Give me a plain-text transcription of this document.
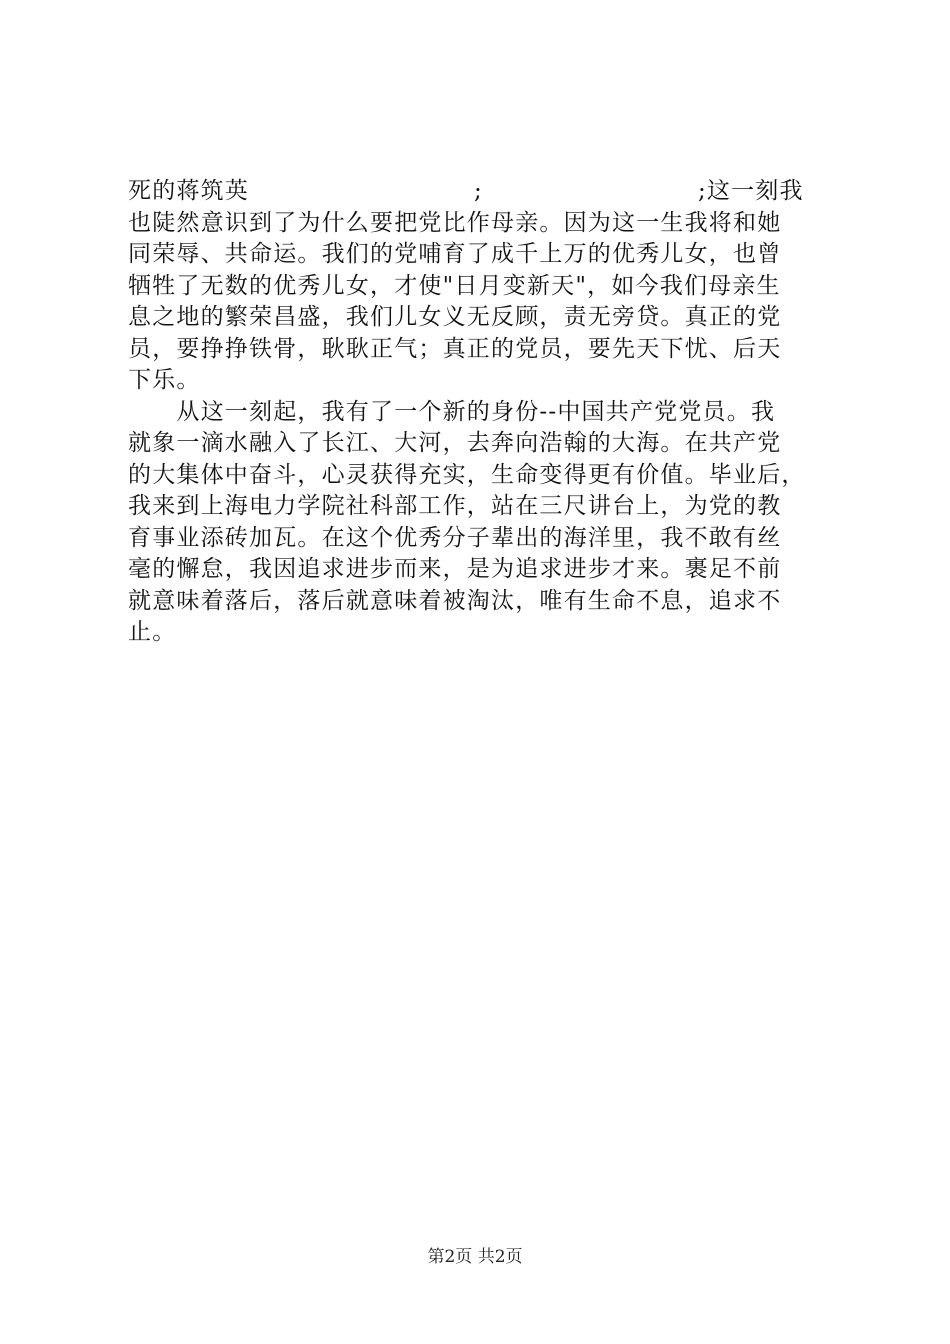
死的蒋筑英	;	;这一刻我
也陡然意识到了为什么要把党比作母亲。因为这一生我将和她
同荣辱、共命运。我们的党哺育了成千上万的优秀儿女，也曾
牺牲了无数的优秀儿女，才使"日月变新天"，如今我们母亲生
息之地的繁荣昌盛，我们儿女义无反顾，责无旁贷。真正的党
员，要挣挣铁骨，耿耿正气；真正的党员，要先天下忧、后天
下乐。
　　从这一刻起，我有了一个新的身份--中国共产党党员。我
就象一滴水融入了长江、大河，去奔向浩翰的大海。在共产党
的大集体中奋斗，心灵获得充实，生命变得更有价值。毕业后，
我来到上海电力学院社科部工作，站在三尺讲台上，为党的教
育事业添砖加瓦。在这个优秀分子辈出的海洋里，我不敢有丝
毫的懈怠，我因追求进步而来，是为追求进步才来。裹足不前
就意味着落后，落后就意味着被淘汰，唯有生命不息，追求不
止。
第2页 共2页
